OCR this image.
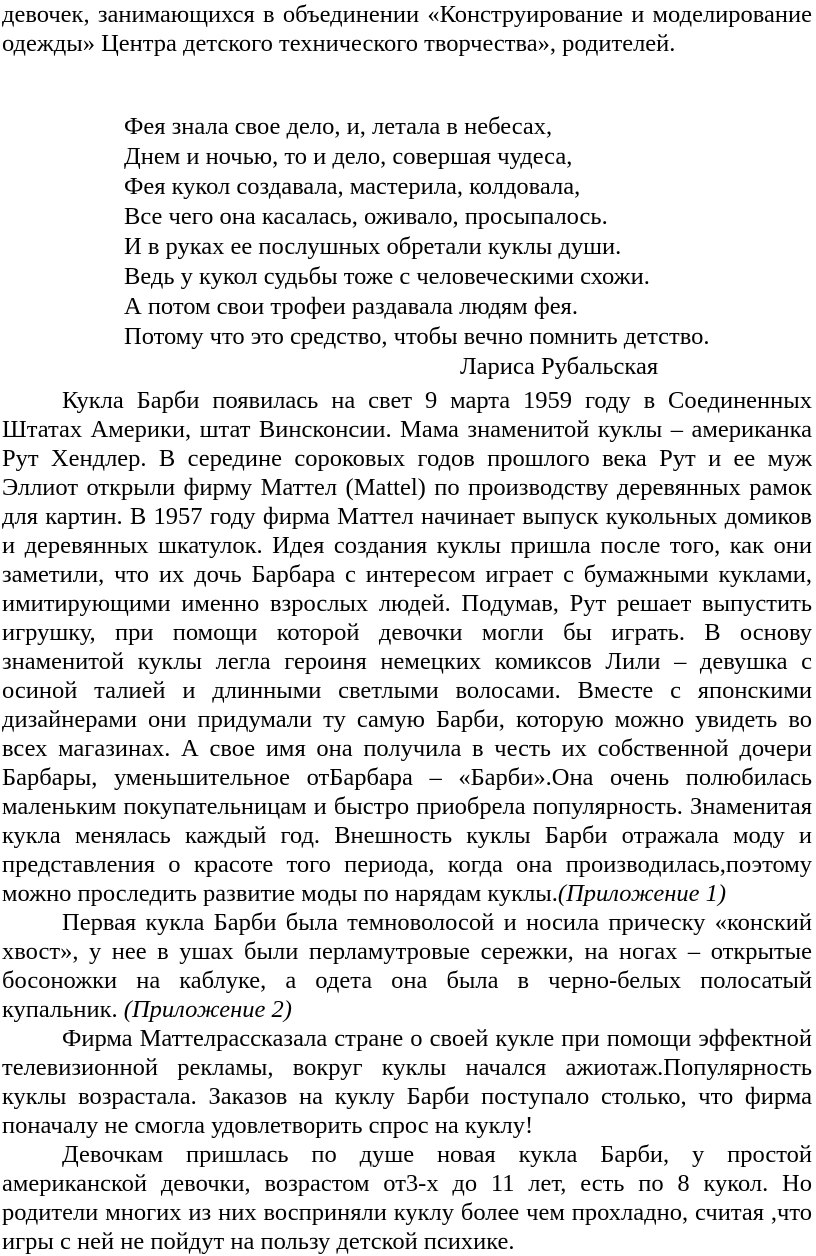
девочек, занимающихся в объединении «Конструирование и моделирование одежды» Центра детского технического творчества», родителей.

Фея знала свое дело, и, летала в небесах,
Днем и ночью, то и дело, совершая чудеса,
Фея кукол создавала, мастерила, колдовала,
Все чего она касалась, оживало, просыпалось.
И в руках ее послушных обретали куклы души.
Ведь у кукол судьбы тоже с человеческими схожи.
А потом свои трофеи раздавала людям фея.
Потому что это средство, чтобы вечно помнить детство.
Лариса Рубальская

Кукла Барби появилась на свет 9 марта 1959 году в Соединенных Штатах Америки, штат Винсконсии. Мама знаменитой куклы – американка Рут Хендлер. В середине сороковых годов прошлого века Рут и ее муж Эллиот открыли фирму Маттел (Mattel) по производству деревянных рамок для картин. В 1957 году фирма Маттел начинает выпуск кукольных домиков и деревянных шкатулок. Идея создания куклы пришла после того, как они заметили, что их дочь Барбара с интересом играет с бумажными куклами, имитирующими именно взрослых людей. Подумав, Рут решает выпустить игрушку, при помощи которой девочки могли бы играть. В основу знаменитой куклы легла героиня немецких комиксов Лили – девушка с осиной талией и длинными светлыми волосами. Вместе с японскими дизайнерами они придумали ту самую Барби, которую можно увидеть во всех магазинах. А свое имя она получила в честь их собственной дочери Барбары, уменьшительное отБарбара – «Барби».Она очень полюбилась маленьким покупательницам и быстро приобрела популярность. Знаменитая кукла менялась каждый год. Внешность куклы Барби отражала моду и представления о красоте того периода, когда она производилась,поэтому можно проследить развитие моды по нарядам куклы.(Приложение 1)

Первая кукла Барби была темноволосой и носила прическу «конский хвост», у нее в ушах были перламутровые сережки, на ногах – открытые босоножки на каблуке, а одета она была в черно-белых полосатый купальник. (Приложение 2)

Фирма Маттелрассказала стране о своей кукле при помощи эффектной телевизионной рекламы, вокруг куклы начался ажиотаж.Популярность куклы возрастала. Заказов на куклу Барби поступало столько, что фирма поначалу не смогла удовлетворить спрос на куклу!

Девочкам пришлась по душе новая кукла Барби, у простой американской девочки, возрастом от3-х до 11 лет, есть по 8 кукол. Но родители многих из них восприняли куклу более чем прохладно, считая ,что игры с ней не пойдут на пользу детской психике.
